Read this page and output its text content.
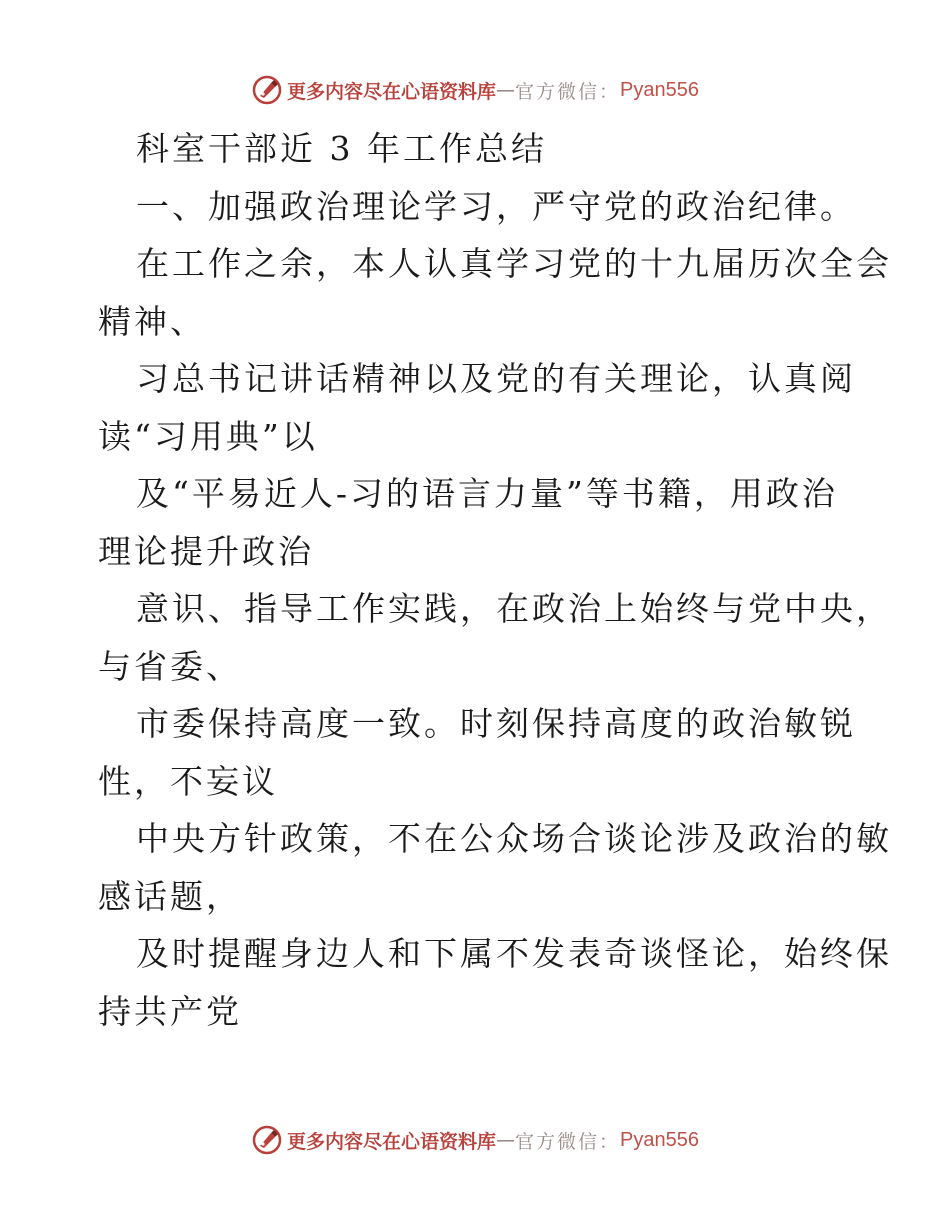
更多内容尽在心语资料库 — 官方微信： Pyan556
科室干部近 3 年工作总结
一、加强政治理论学习，严守党的政治纪律。
在工作之余，本人认真学习党的十九届历次全会
精神、
习总书记讲话精神以及党的有关理论，认真阅
读“习用典”以
及“平易近人-习的语言力量”等书籍，用政治
理论提升政治
意识、指导工作实践，在政治上始终与党中央，
与省委、
市委保持高度一致。时刻保持高度的政治敏锐
性，不妄议
中央方针政策，不在公众场合谈论涉及政治的敏
感话题，
及时提醒身边人和下属不发表奇谈怪论，始终保
持共产党
更多内容尽在心语资料库 — 官方微信： Pyan556
